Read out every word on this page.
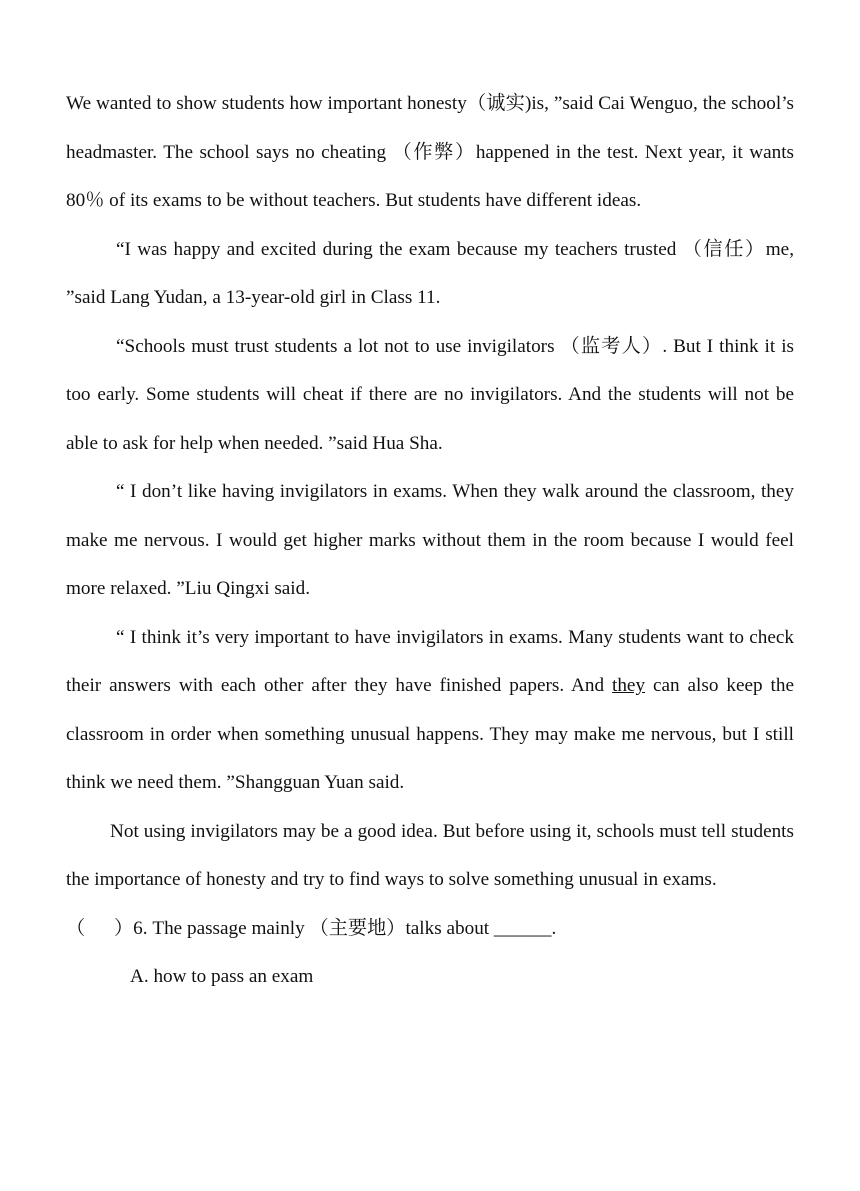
We wanted to show students how important honesty（诚实)is, ”said Cai Wenguo, the school’s headmaster. The school says no cheating （作弊）happened in the test. Next year, it wants 80％ of its exams to be without teachers. But students have different ideas.

“I was happy and excited during the exam because my teachers trusted （信任）me, ”said Lang Yudan, a 13-year-old girl in Class 11.

“Schools must trust students a lot not to use invigilators （监考人）. But I think it is too early. Some students will cheat if there are no invigilators. And the students will not be able to ask for help when needed. ”said Hua Sha.

“ I don’t like having invigilators in exams. When they walk around the classroom, they make me nervous. I would get higher marks without them in the room because I would feel more relaxed. ”Liu Qingxi said.

“ I think it’s very important to have invigilators in exams. Many students want to check their answers with each other after they have finished papers. And they can also keep the classroom in order when something unusual happens. They may make me nervous, but I still think we need them. ”Shangguan Yuan said.

Not using invigilators may be a good idea. But before using it, schools must tell students the importance of honesty and try to find ways to solve something unusual in exams.

（      ）6. The passage mainly （主要地）talks about ______.

A. how to pass an exam
